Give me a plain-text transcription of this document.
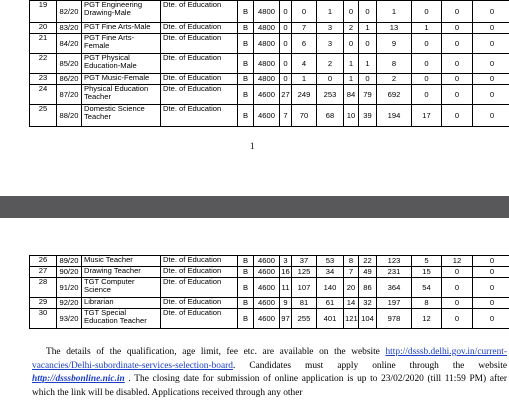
19	82/20	PGT Engineering Drawing-Male	Dte. of Education	B	4800	0	0	1	0	0	1	0	0	0
20	83/20	PGT Fine Arts-Male	Dte. of Education	B	4800	0	7	3	2	1	13	1	0	0
21	84/20	PGT Fine Arts-Female	Dte. of Education	B	4800	0	6	3	0	0	9	0	0	0
22	85/20	PGT Physical Education-Male	Dte. of Education	B	4800	0	4	2	1	1	8	0	0	0
23	86/20	PGT Music-Female	Dte. of Education	B	4800	0	1	0	1	0	2	0	0	0
24	87/20	Physical Education Teacher	Dte. of Education	B	4600	27	249	253	84	79	692	0	0	0
25	88/20	Domestic Science Teacher	Dte. of Education	B	4600	7	70	68	10	39	194	17	0	0
1
26	89/20	Music Teacher	Dte. of Education	B	4600	3	37	53	8	22	123	5	12	0
27	90/20	Drawing Teacher	Dte. of Education	B	4600	16	125	34	7	49	231	15	0	0
28	91/20	TGT Computer Science	Dte. of Education	B	4600	11	107	140	20	86	364	54	0	0
29	92/20	Librarian	Dte. of Education	B	4600	9	81	61	14	32	197	8	0	0
30	93/20	TGT Special Education Teacher	Dte. of Education	B	4600	97	255	401	121	104	978	12	0	0
The details of the qualification, age limit, fee etc. are available on the website http://dsssb.delhi.gov.in/current-vacancies/Delhi-subordinate-services-selection-board. Candidates must apply online through the website http://dsssbonline.nic.in . The closing date for submission of online application is up to 23/02/2020 (till 11:59 PM) after which the link will be disabled. Applications received through any other
